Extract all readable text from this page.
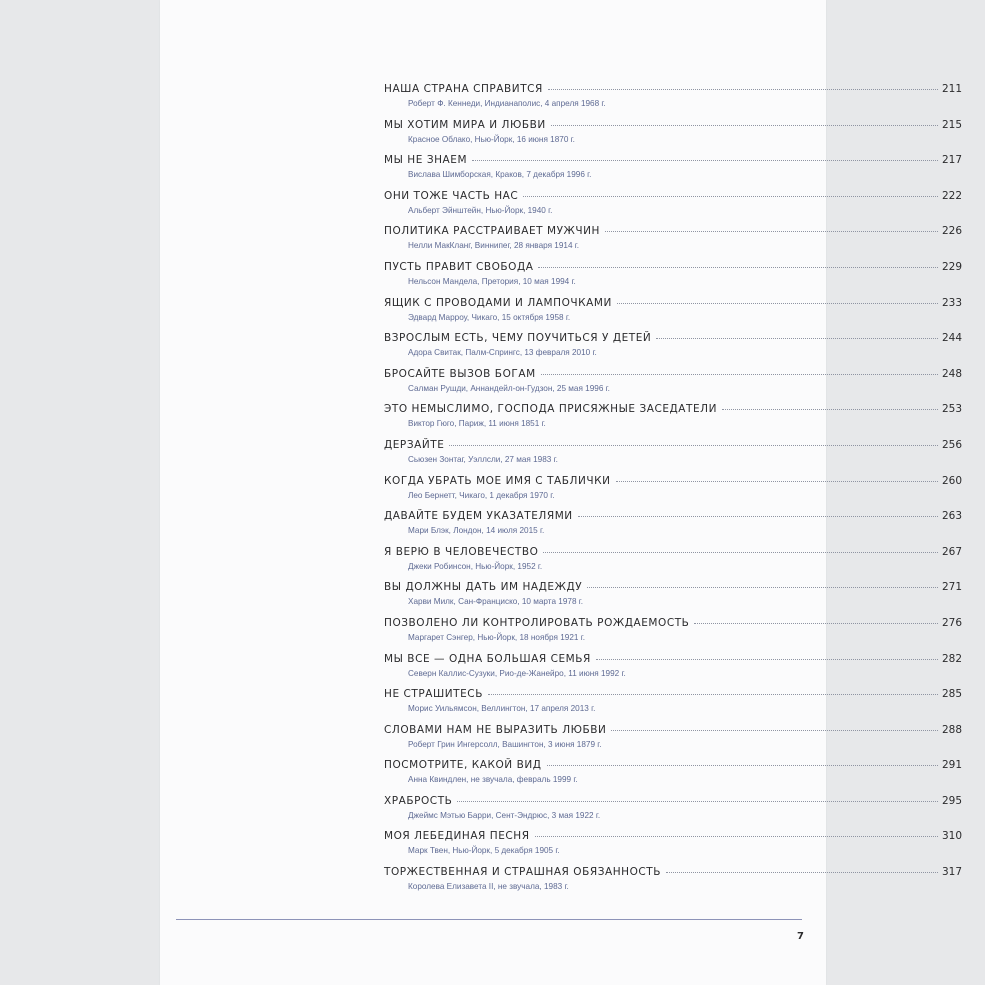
НАША СТРАНА СПРАВИТСЯ	211
Роберт Ф. Кеннеди, Индианаполис, 4 апреля 1968 г.
МЫ ХОТИМ МИРА И ЛЮБВИ	215
Красное Облако, Нью-Йорк, 16 июня 1870 г.
МЫ НЕ ЗНАЕМ	217
Вислава Шимборская, Краков, 7 декабря 1996 г.
ОНИ ТОЖЕ ЧАСТЬ НАС	222
Альберт Эйнштейн, Нью-Йорк, 1940 г.
ПОЛИТИКА РАССТРАИВАЕТ МУЖЧИН	226
Нелли МакКланг, Виннипег, 28 января 1914 г.
ПУСТЬ ПРАВИТ СВОБОДА	229
Нельсон Мандела, Претория, 10 мая 1994 г.
ЯЩИК С ПРОВОДАМИ И ЛАМПОЧКАМИ	233
Эдвард Марроу, Чикаго, 15 октября 1958 г.
ВЗРОСЛЫМ ЕСТЬ, ЧЕМУ ПОУЧИТЬСЯ У ДЕТЕЙ	244
Адора Свитак, Палм-Спрингс, 13 февраля 2010 г.
БРОСАЙТЕ ВЫЗОВ БОГАМ	248
Салман Рушди, Аннандейл-он-Гудзон, 25 мая 1996 г.
ЭТО НЕМЫСЛИМО, ГОСПОДА ПРИСЯЖНЫЕ ЗАСЕДАТЕЛИ	253
Виктор Гюго, Париж, 11 июня 1851 г.
ДЕРЗАЙТЕ	256
Сьюзен Зонтаг, Уэллсли, 27 мая 1983 г.
КОГДА УБРАТЬ МОЕ ИМЯ С ТАБЛИЧКИ	260
Лео Бернетт, Чикаго, 1 декабря 1970 г.
ДАВАЙТЕ БУДЕМ УКАЗАТЕЛЯМИ	263
Мари Блэк, Лондон, 14 июля 2015 г.
Я ВЕРЮ В ЧЕЛОВЕЧЕСТВО	267
Джеки Робинсон, Нью-Йорк, 1952 г.
ВЫ ДОЛЖНЫ ДАТЬ ИМ НАДЕЖДУ	271
Харви Милк, Сан-Франциско, 10 марта 1978 г.
ПОЗВОЛЕНО ЛИ КОНТРОЛИРОВАТЬ РОЖДАЕМОСТЬ	276
Маргарет Сэнгер, Нью-Йорк, 18 ноября 1921 г.
МЫ ВСЕ — ОДНА БОЛЬШАЯ СЕМЬЯ	282
Северн Каллис-Сузуки, Рио-де-Жанейро, 11 июня 1992 г.
НЕ СТРАШИТЕСЬ	285
Морис Уильямсон, Веллингтон, 17 апреля 2013 г.
СЛОВАМИ НАМ НЕ ВЫРАЗИТЬ ЛЮБВИ	288
Роберт Грин Ингерсолл, Вашингтон, 3 июня 1879 г.
ПОСМОТРИТЕ, КАКОЙ ВИД	291
Анна Квиндлен, не звучала, февраль 1999 г.
ХРАБРОСТЬ	295
Джеймс Мэтью Барри, Сент-Эндрюс, 3 мая 1922 г.
МОЯ ЛЕБЕДИНАЯ ПЕСНЯ	310
Марк Твен, Нью-Йорк, 5 декабря 1905 г.
ТОРЖЕСТВЕННАЯ И СТРАШНАЯ ОБЯЗАННОСТЬ	317
Королева Елизавета II, не звучала, 1983 г.
7
